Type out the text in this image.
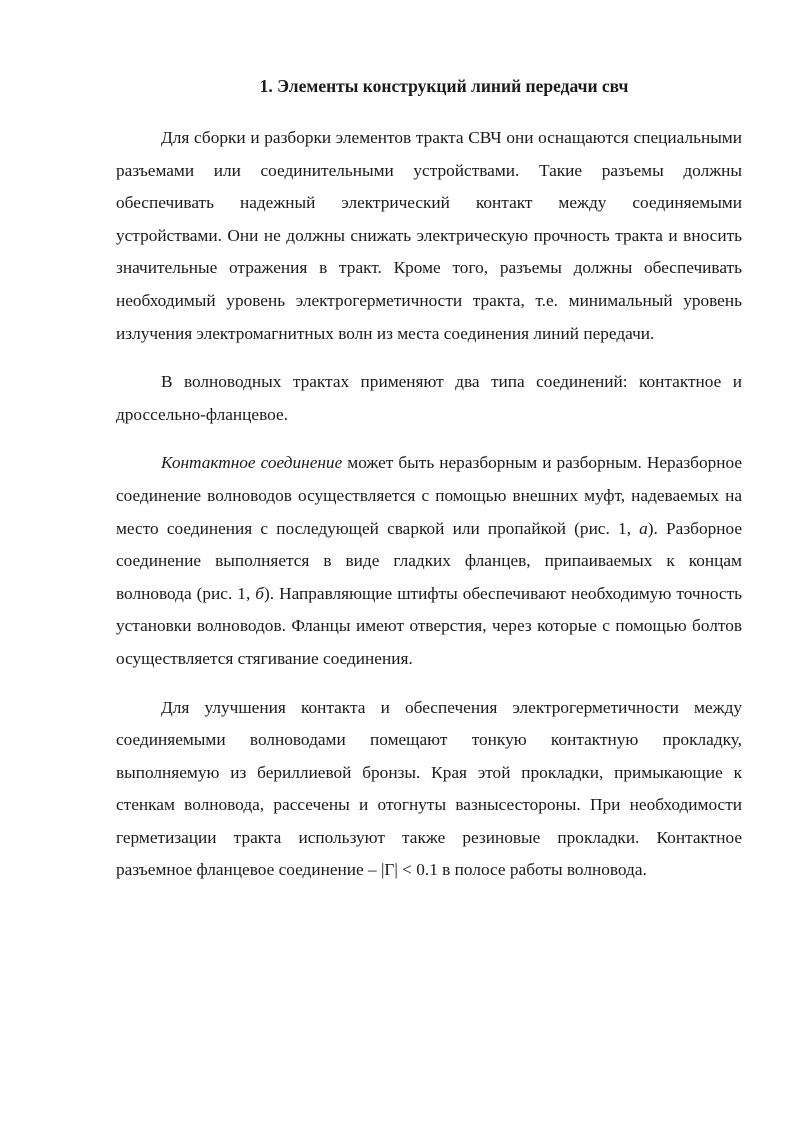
1. Элементы конструкций линий передачи свч

Для сборки и разборки элементов тракта СВЧ они оснащаются специальными разъемами или соединительными устройствами. Такие разъемы должны обеспечивать надежный электрический контакт между соединяемыми устройствами. Они не должны снижать электрическую прочность тракта и вносить значительные отражения в тракт. Кроме того, разъемы должны обеспечивать необходимый уровень электрогерметичности тракта, т.е. минимальный уровень излучения электромагнитных волн из места соединения линий передачи.

В волноводных трактах применяют два типа соединений: контактное и дроссельно-фланцевое.

Контактное соединение может быть неразборным и разборным. Неразборное соединение волноводов осуществляется с помощью внешних муфт, надеваемых на место соединения с последующей сваркой или пропайкой (рис. 1, а). Разборное соединение выполняется в виде гладких фланцев, припаиваемых к концам волновода (рис. 1, б). Направляющие штифты обеспечивают необходимую точность установки волноводов. Фланцы имеют отверстия, через которые с помощью болтов осуществляется стягивание соединения.

Для улучшения контакта и обеспечения электрогерметичности между соединяемыми волноводами помещают тонкую контактную прокладку, выполняемую из бериллиевой бронзы. Края этой прокладки, примыкающие к стенкам волновода, рассечены и отогнуты вазнысестороны. При необходимости герметизации тракта используют также резиновые прокладки. Контактное разъемное фланцевое соединение – |Г| < 0.1 в полосе работы волновода.
